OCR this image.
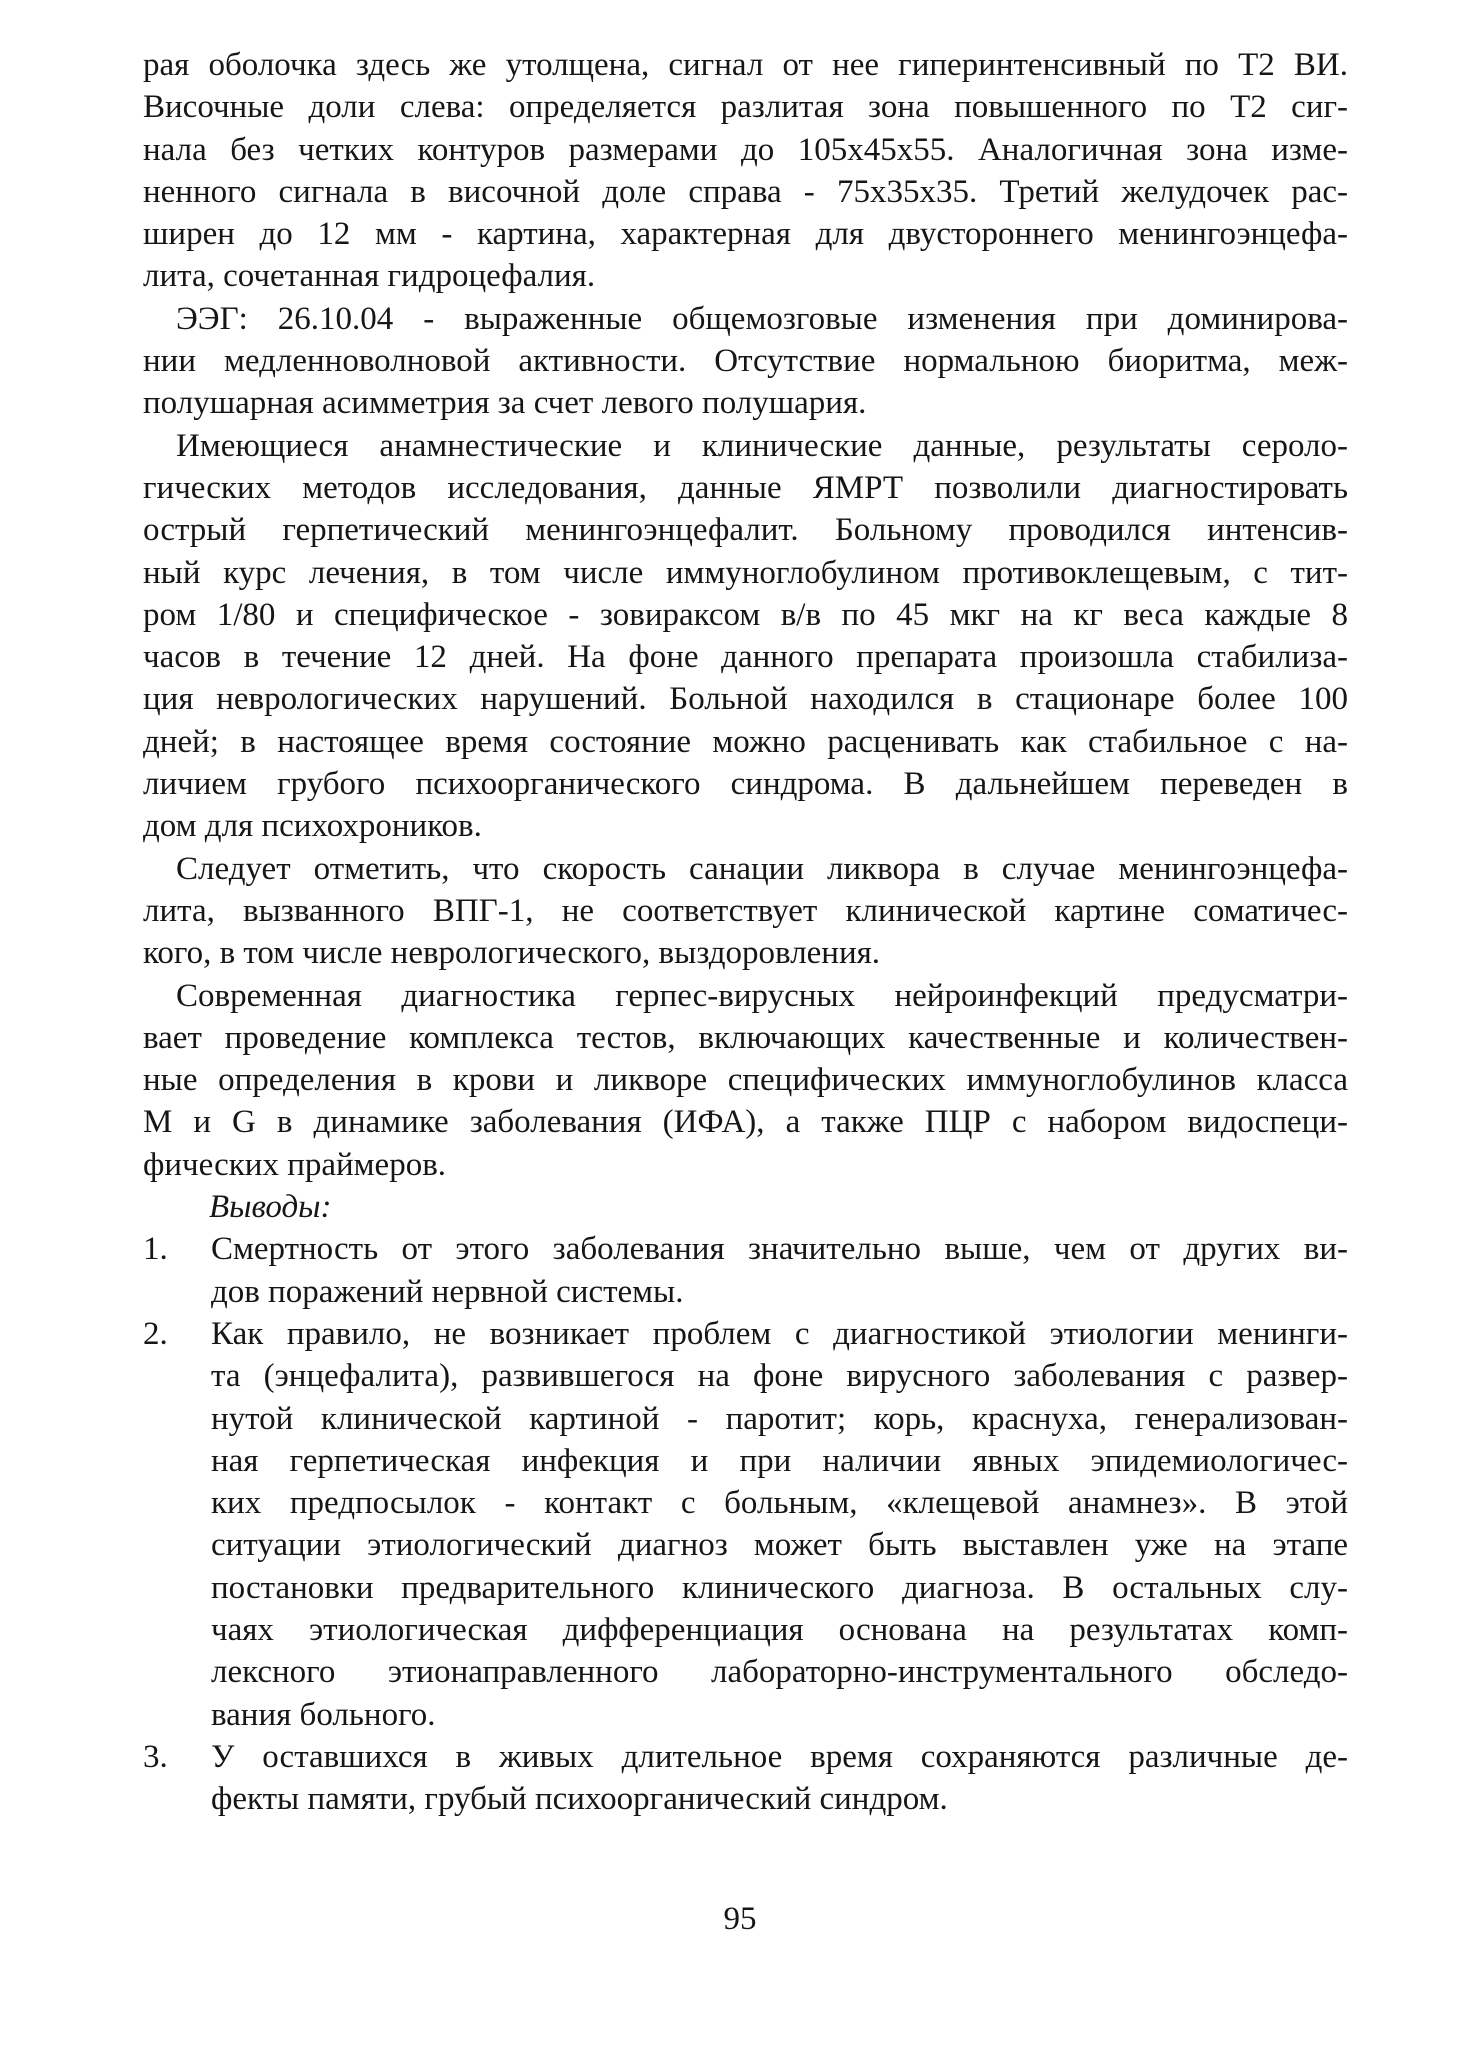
рая оболочка здесь же утолщена, сигнал от нее гиперинтенсивный по Т2 ВИ.
Височные доли слева: определяется разлитая зона повышенного по Т2 сиг-
нала без четких контуров размерами до 105х45х55. Аналогичная зона изме-
ненного сигнала в височной доле справа - 75х35х35. Третий желудочек рас-
ширен до 12 мм - картина, характерная для двустороннего менингоэнцефа-
лита, сочетанная гидроцефалия.

ЭЭГ: 26.10.04 - выраженные общемозговые изменения при доминирова-
нии медленноволновой активности. Отсутствие нормальною биоритма, меж-
полушарная асимметрия за счет левого полушария.

Имеющиеся анамнестические и клинические данные, результаты сероло-
гических методов исследования, данные ЯМРТ позволили диагностировать
острый герпетический менингоэнцефалит. Больному проводился интенсив-
ный курс лечения, в том числе иммуноглобулином противоклещевым, с тит-
ром 1/80 и специфическое - зовираксом в/в по 45 мкг на кг веса каждые 8
часов в течение 12 дней. На фоне данного препарата произошла стабилиза-
ция неврологических нарушений. Больной находился в стационаре более 100
дней; в настоящее время состояние можно расценивать как стабильное с на-
личием грубого психоорганического синдрома. В дальнейшем переведен в
дом для психохроников.

Следует отметить, что скорость санации ликвора в случае менингоэнцефа-
лита, вызванного ВПГ-1, не соответствует клинической картине соматичес-
кого, в том числе неврологического, выздоровления.

Современная диагностика герпес-вирусных нейроинфекций предусматри-
вает проведение комплекса тестов, включающих качественные и количествен-
ные определения в крови и ликворе специфических иммуноглобулинов класса
M и G в динамике заболевания (ИФА), а также ПЦР с набором видоспеци-
фических праймеров.

Выводы:

1. Смертность от этого заболевания значительно выше, чем от других ви-
дов поражений нервной системы.
2. Как правило, не возникает проблем с диагностикой этиологии менинги-
та (энцефалита), развившегося на фоне вирусного заболевания с развер-
нутой клинической картиной - паротит; корь, краснуха, генерализован-
ная герпетическая инфекция и при наличии явных эпидемиологичес-
ких предпосылок - контакт с больным, «клещевой анамнез». В этой
ситуации этиологический диагноз может быть выставлен уже на этапе
постановки предварительного клинического диагноза. В остальных слу-
чаях этиологическая дифференциация основана на результатах комп-
лексного этионаправленного лабораторно-инструментального обследо-
вания больного.
3. У оставшихся в живых длительное время сохраняются различные де-
фекты памяти, грубый психоорганический синдром.
95
